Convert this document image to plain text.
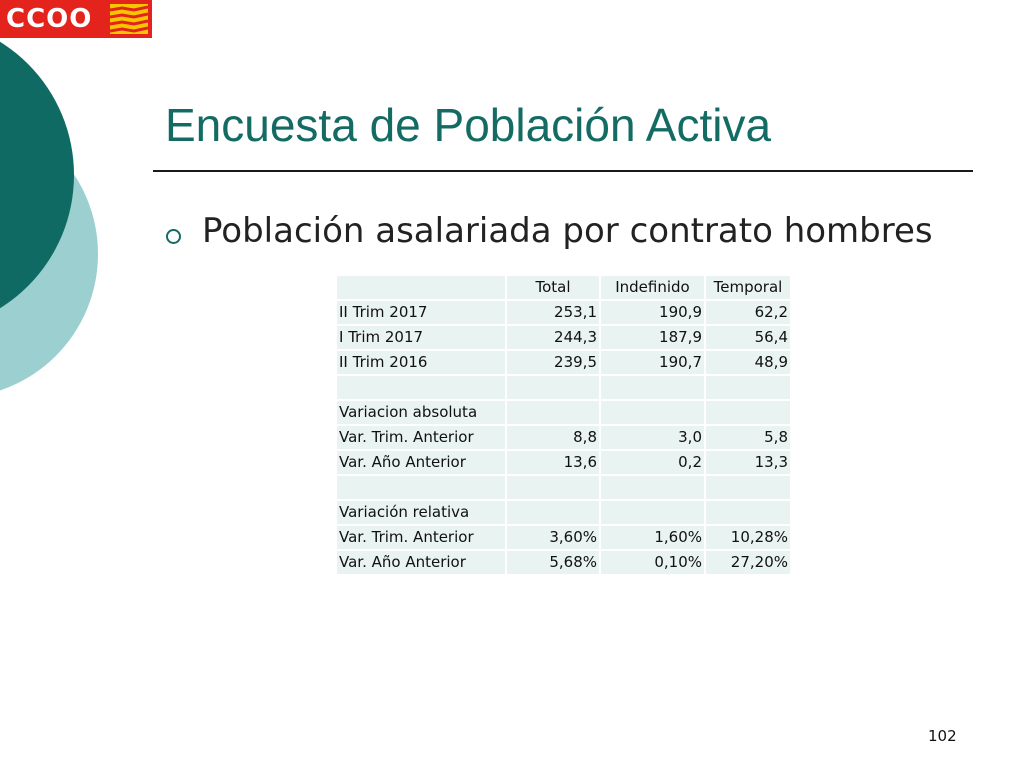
CCOO
Encuesta de Población Activa
Población asalariada por contrato hombres
	Total	Indefinido	Temporal
II Trim 2017	253,1	190,9	62,2
I Trim 2017	244,3	187,9	56,4
II Trim 2016	239,5	190,7	48,9

Variacion absoluta			
Var. Trim. Anterior	8,8	3,0	5,8
Var. Año Anterior	13,6	0,2	13,3

Variación relativa			
Var. Trim. Anterior	3,60%	1,60%	10,28%
Var. Año Anterior	5,68%	0,10%	27,20%
102
